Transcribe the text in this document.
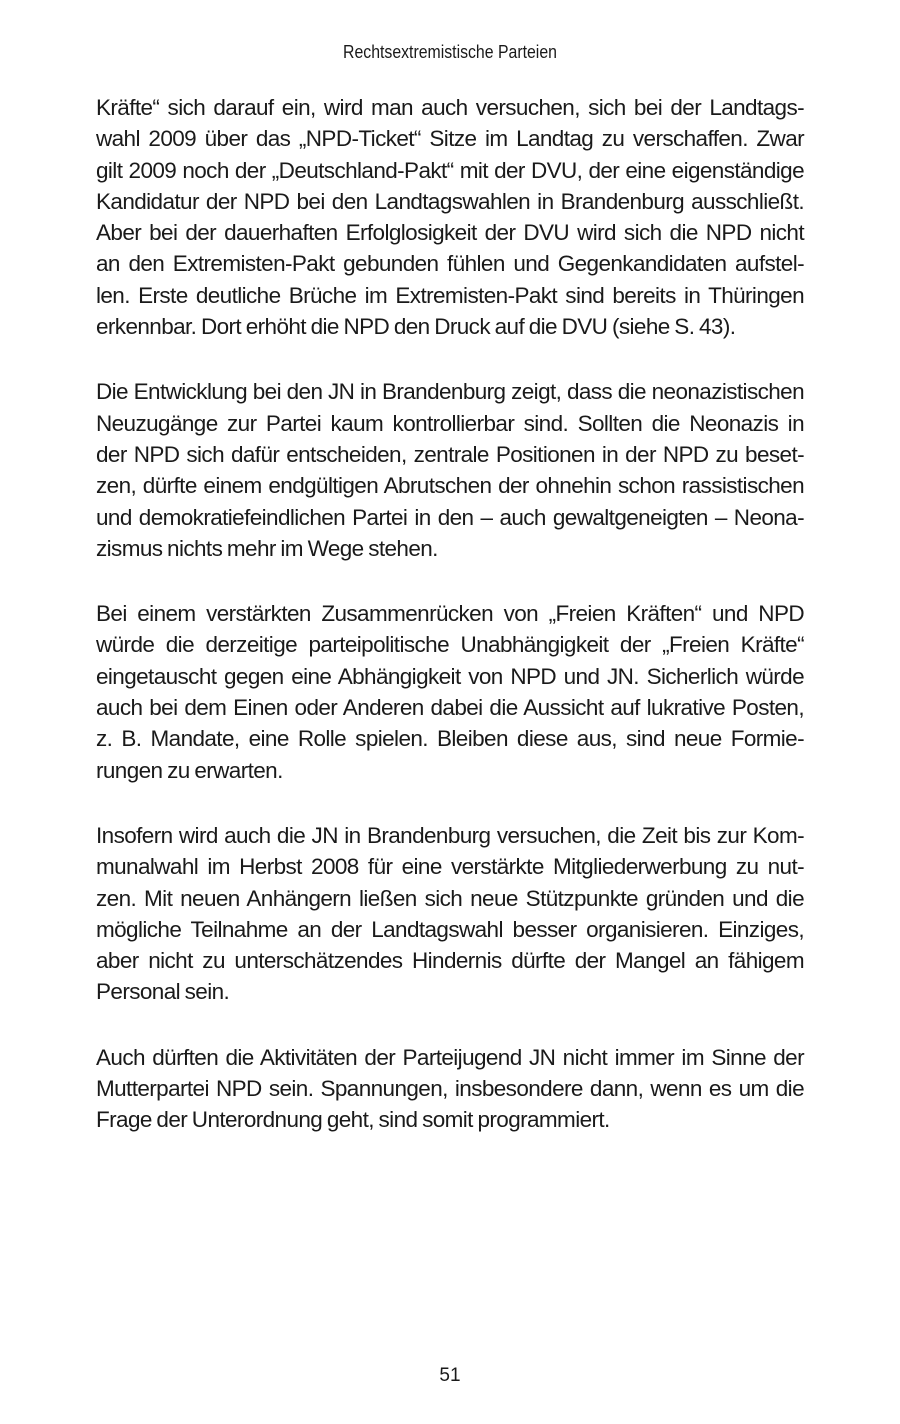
Rechtsextremistische Parteien
Kräfte“ sich darauf ein, wird man auch versuchen, sich bei der Landtags-
wahl 2009 über das „NPD-Ticket“ Sitze im Landtag zu verschaffen. Zwar
gilt 2009 noch der „Deutschland-Pakt“ mit der DVU, der eine eigenständige
Kandidatur der NPD bei den Landtagswahlen in Brandenburg ausschließt.
Aber bei der dauerhaften Erfolglosigkeit der DVU wird sich die NPD nicht
an den Extremisten-Pakt gebunden fühlen und Gegenkandidaten aufstel-
len. Erste deutliche Brüche im Extremisten-Pakt sind bereits in Thüringen
erkennbar. Dort erhöht die NPD den Druck auf die DVU (siehe S. 43).
Die Entwicklung bei den JN in Brandenburg zeigt, dass die neonazistischen
Neuzugänge zur Partei kaum kontrollierbar sind. Sollten die Neonazis in
der NPD sich dafür entscheiden, zentrale Positionen in der NPD zu beset-
zen, dürfte einem endgültigen Abrutschen der ohnehin schon rassistischen
und demokratiefeindlichen Partei in den – auch gewaltgeneigten – Neona-
zismus nichts mehr im Wege stehen.
Bei einem verstärkten Zusammenrücken von „Freien Kräften“ und NPD
würde die derzeitige parteipolitische Unabhängigkeit der „Freien Kräfte“
eingetauscht gegen eine Abhängigkeit von NPD und JN. Sicherlich würde
auch bei dem Einen oder Anderen dabei die Aussicht auf lukrative Posten,
z. B. Mandate, eine Rolle spielen. Bleiben diese aus, sind neue Formie-
rungen zu erwarten.
Insofern wird auch die JN in Brandenburg versuchen, die Zeit bis zur Kom-
munalwahl im Herbst 2008 für eine verstärkte Mitgliederwerbung zu nut-
zen. Mit neuen Anhängern ließen sich neue Stützpunkte gründen und die
mögliche Teilnahme an der Landtagswahl besser organisieren. Einziges,
aber nicht zu unterschätzendes Hindernis dürfte der Mangel an fähigem
Personal sein.
Auch dürften die Aktivitäten der Parteijugend JN nicht immer im Sinne der
Mutterpartei NPD sein. Spannungen, insbesondere dann, wenn es um die
Frage der Unterordnung geht, sind somit programmiert.
51
